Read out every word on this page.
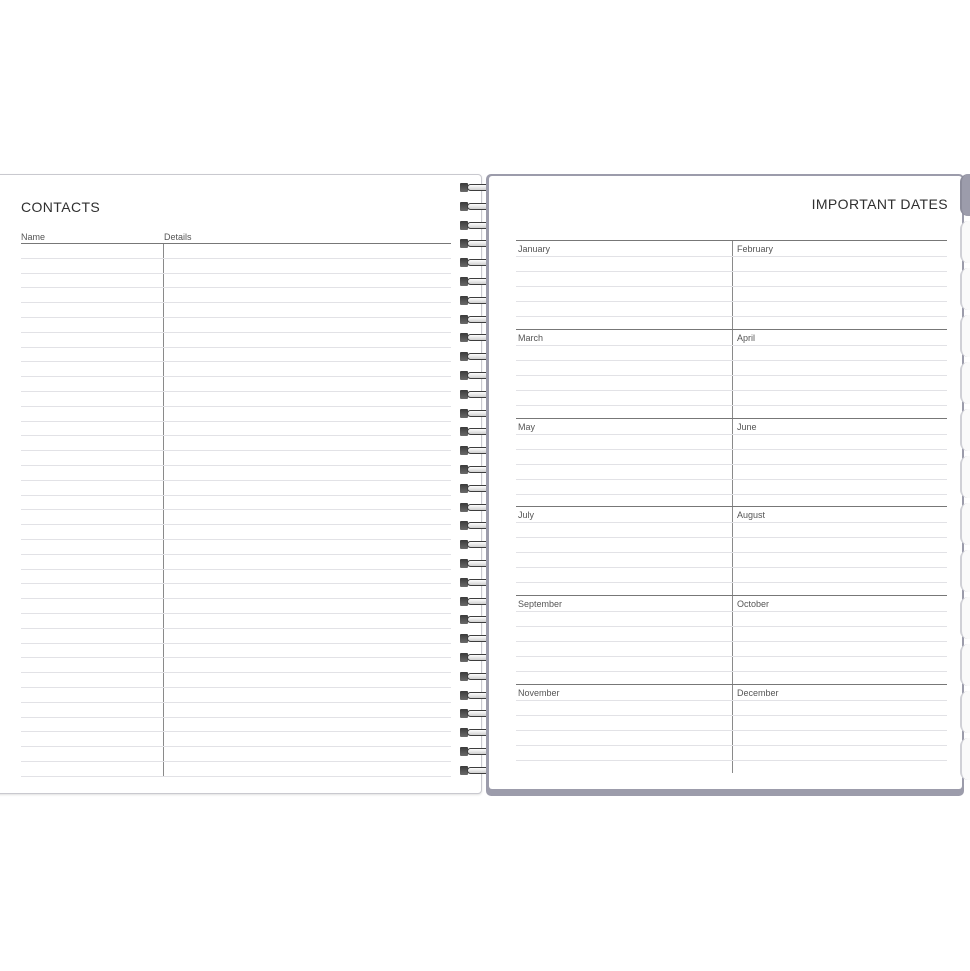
CONTACTS
Name	Details
IMPORTANT DATES
January	February
March	April
May	June
July	August
September	October
November	December
